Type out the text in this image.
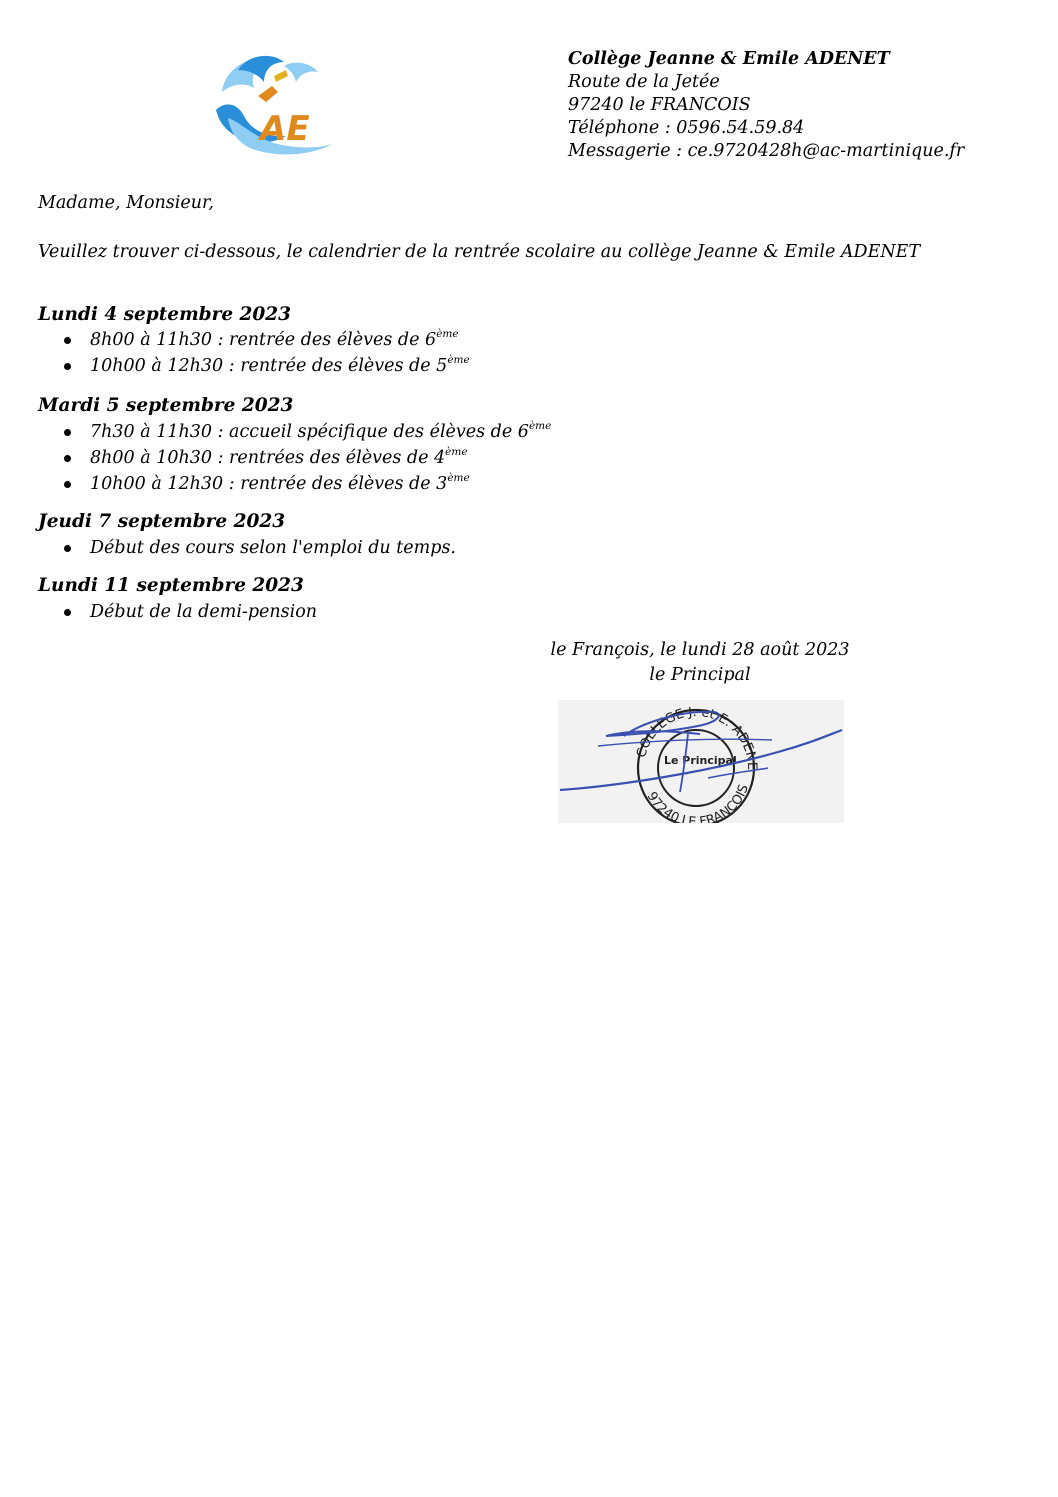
AE
Collège Jeanne & Emile ADENET
Route de la Jetée
97240 le FRANCOIS
Téléphone : 0596.54.59.84
Messagerie : ce.9720428h@ac-martinique.fr
Madame, Monsieur,
Veuillez trouver ci-dessous, le calendrier de la rentrée scolaire au collège Jeanne & Emile ADENET
Lundi 4 septembre 2023
8h00 à 11h30 : rentrée des élèves de 6ème
10h00 à 12h30 : rentrée des élèves de 5ème
Mardi 5 septembre 2023
7h30 à 11h30 : accueil spécifique des élèves de 6ème
8h00 à 10h30 : rentrées des élèves de 4ème
10h00 à 12h30 : rentrée des élèves de 3ème
Jeudi 7 septembre 2023
Début des cours selon l'emploi du temps.
Lundi 11 septembre 2023
Début de la demi-pension
le François, le lundi 28 août 2023
le Principal
COLLEGE J. et E. ADENE
97240 LE FRANCOIS
Le Principal
